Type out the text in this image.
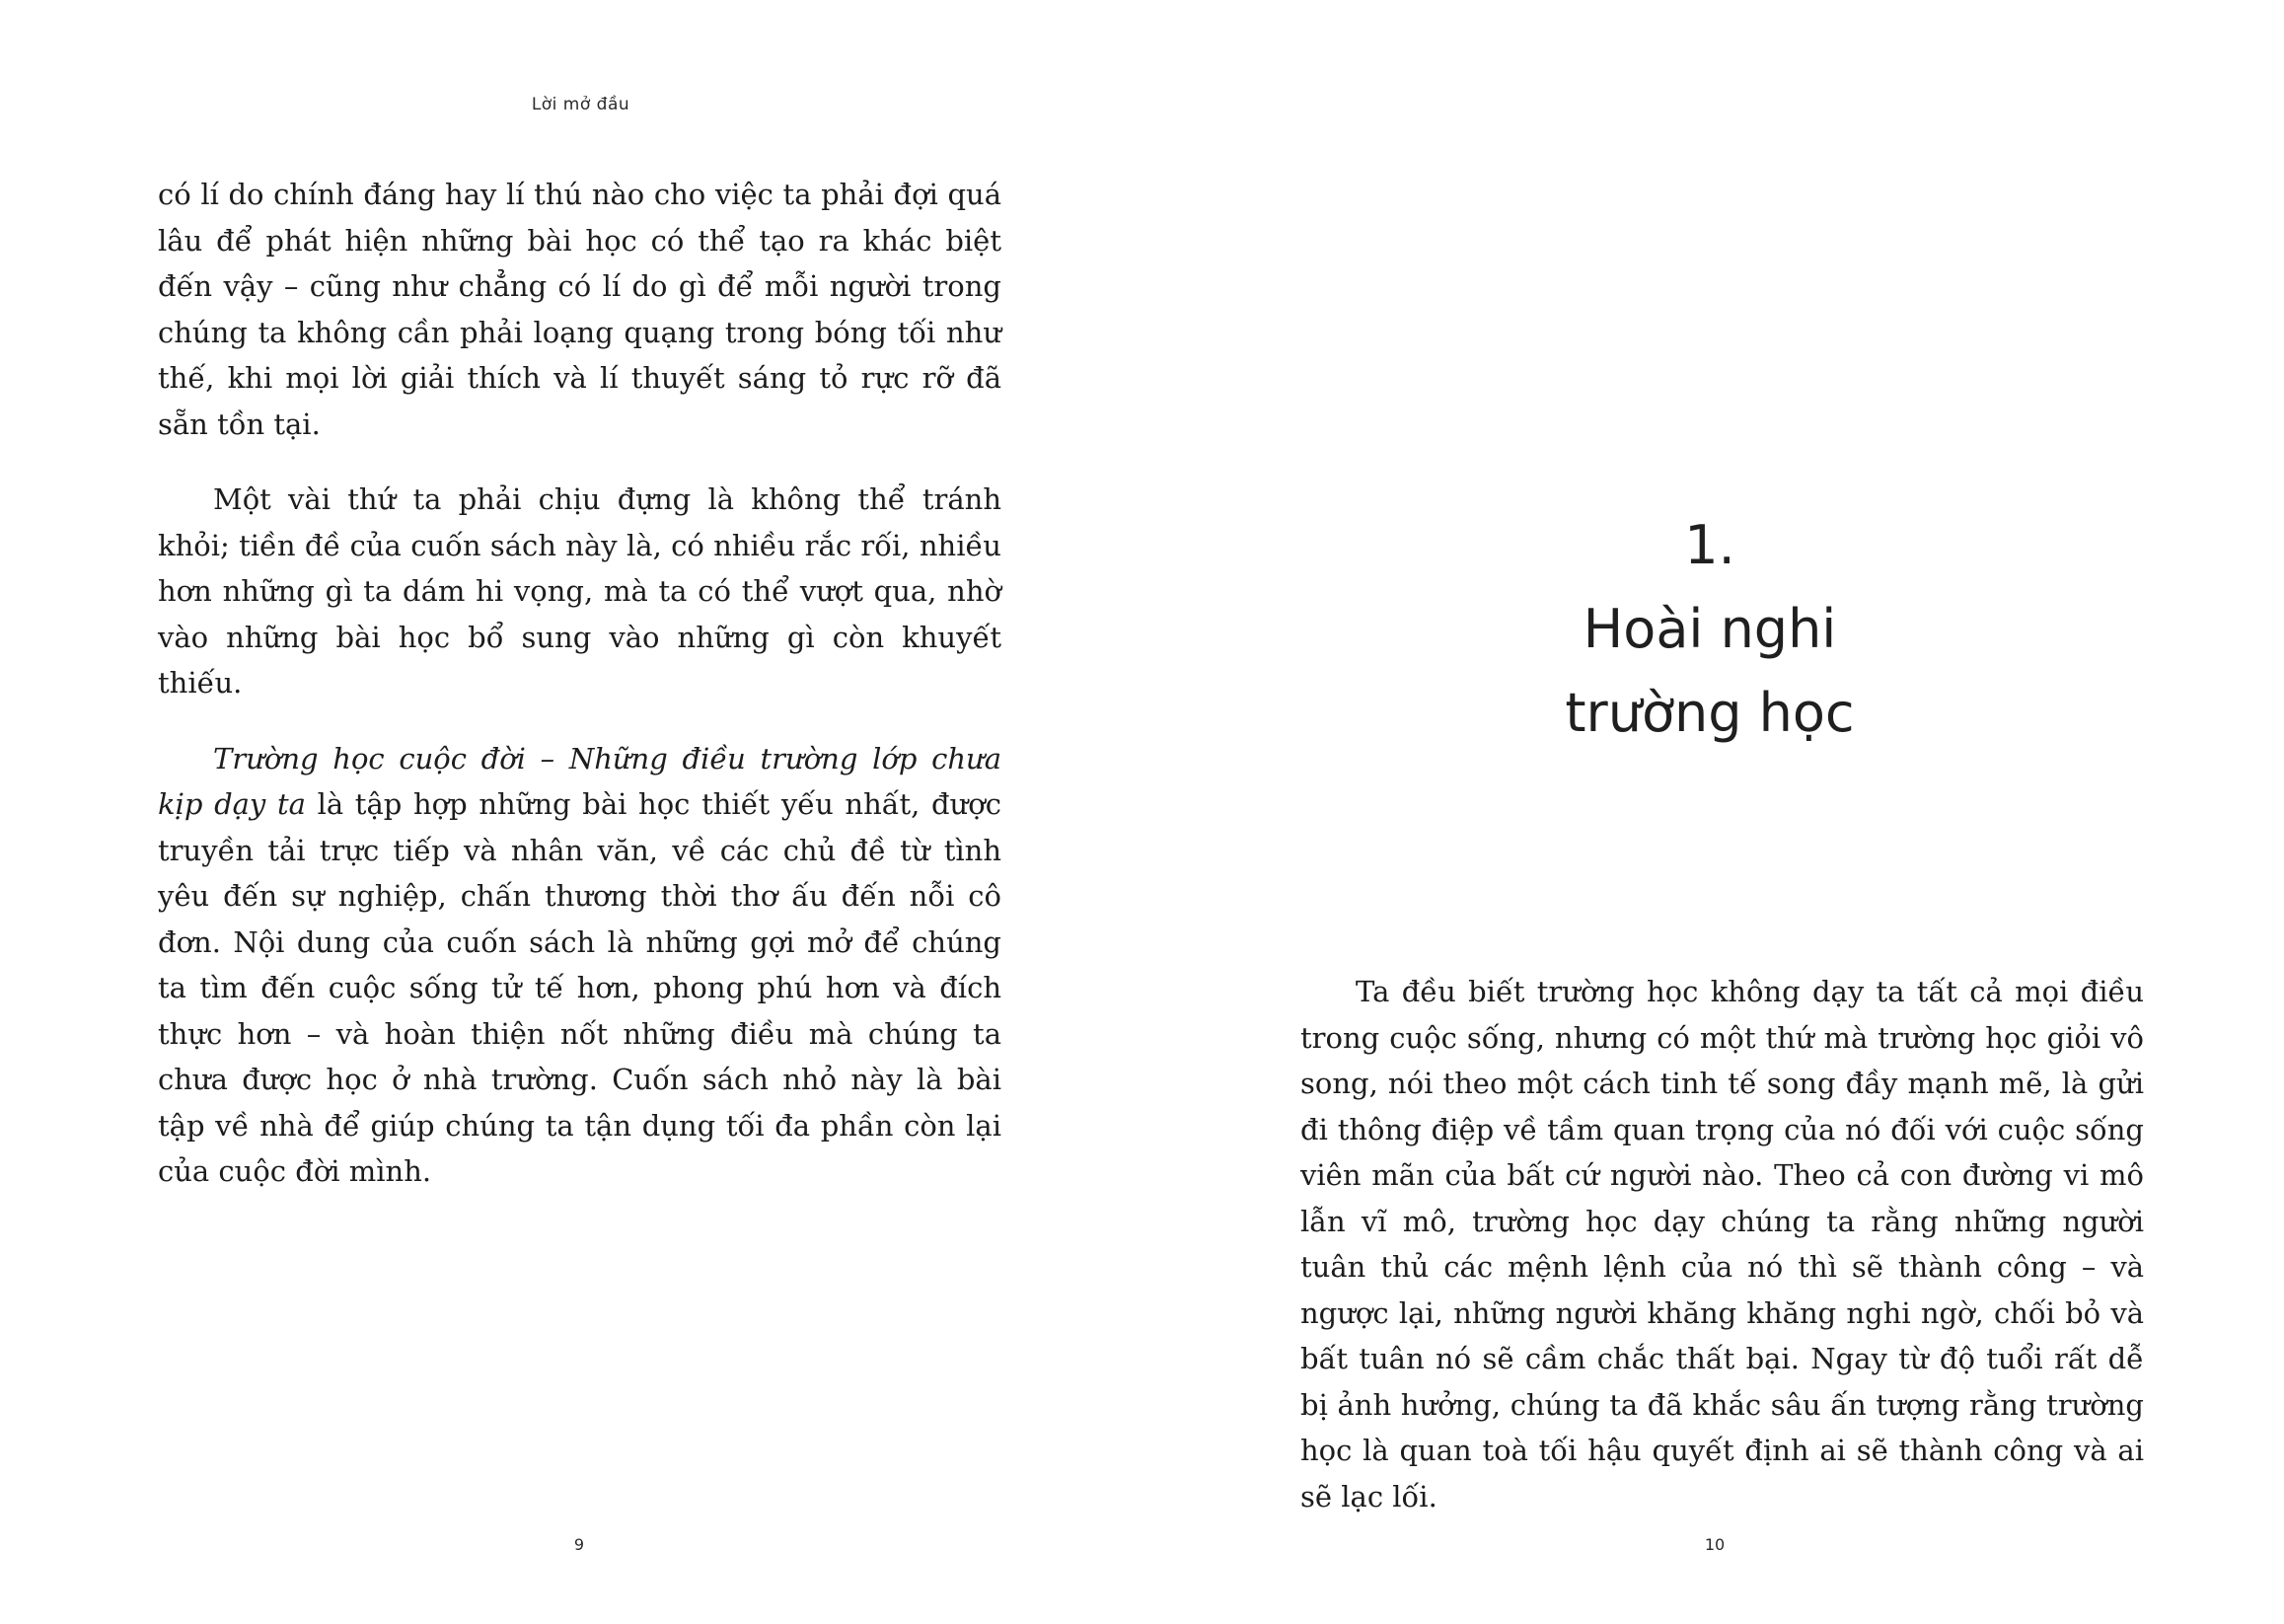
Lời mở đầu

có lí do chính đáng hay lí thú nào cho việc ta phải đợi quá lâu để phát hiện những bài học có thể tạo ra khác biệt đến vậy – cũng như chẳng có lí do gì để mỗi người trong chúng ta không cần phải loạng quạng trong bóng tối như thế, khi mọi lời giải thích và lí thuyết sáng tỏ rực rỡ đã sẵn tồn tại.

Một vài thứ ta phải chịu đựng là không thể tránh khỏi; tiền đề của cuốn sách này là, có nhiều rắc rối, nhiều hơn những gì ta dám hi vọng, mà ta có thể vượt qua, nhờ vào những bài học bổ sung vào những gì còn khuyết thiếu.

Trường học cuộc đời – Những điều trường lớp chưa kịp dạy ta là tập hợp những bài học thiết yếu nhất, được truyền tải trực tiếp và nhân văn, về các chủ đề từ tình yêu đến sự nghiệp, chấn thương thời thơ ấu đến nỗi cô đơn. Nội dung của cuốn sách là những gợi mở để chúng ta tìm đến cuộc sống tử tế hơn, phong phú hơn và đích thực hơn – và hoàn thiện nốt những điều mà chúng ta chưa được học ở nhà trường. Cuốn sách nhỏ này là bài tập về nhà để giúp chúng ta tận dụng tối đa phần còn lại của cuộc đời mình.

9
1.
Hoài nghi
trường học

Ta đều biết trường học không dạy ta tất cả mọi điều trong cuộc sống, nhưng có một thứ mà trường học giỏi vô song, nói theo một cách tinh tế song đầy mạnh mẽ, là gửi đi thông điệp về tầm quan trọng của nó đối với cuộc sống viên mãn của bất cứ người nào. Theo cả con đường vi mô lẫn vĩ mô, trường học dạy chúng ta rằng những người tuân thủ các mệnh lệnh của nó thì sẽ thành công – và ngược lại, những người khăng khăng nghi ngờ, chối bỏ và bất tuân nó sẽ cầm chắc thất bại. Ngay từ độ tuổi rất dễ bị ảnh hưởng, chúng ta đã khắc sâu ấn tượng rằng trường học là quan toà tối hậu quyết định ai sẽ thành công và ai sẽ lạc lối.

10
